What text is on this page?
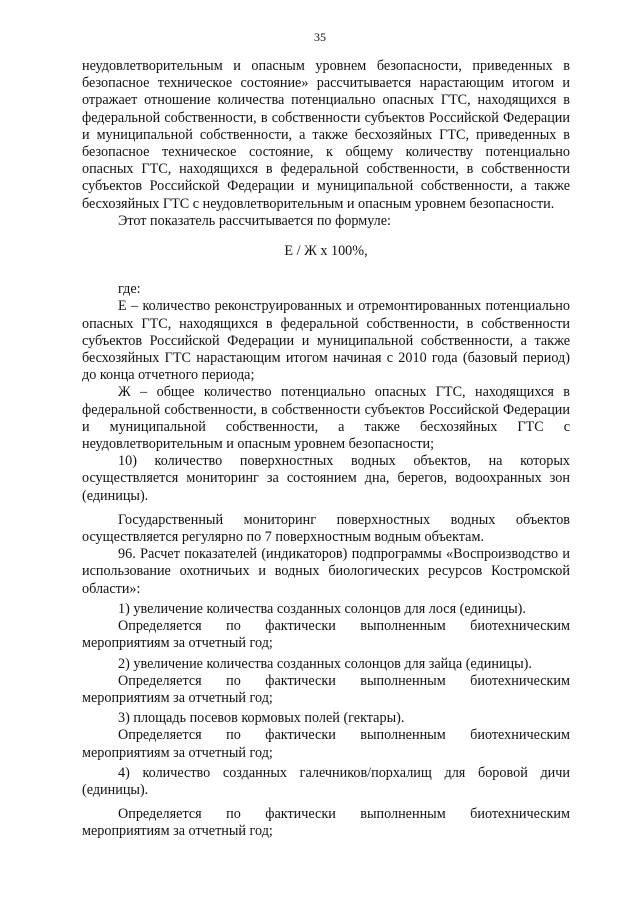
35

неудовлетворительным и опасным уровнем безопасности, приведенных в безопасное техническое состояние» рассчитывается нарастающим итогом и отражает отношение количества потенциально опасных ГТС, находящихся в федеральной собственности, в собственности субъектов Российской Федерации и муниципальной собственности, а также бесхозяйных ГТС, приведенных в безопасное техническое состояние, к общему количеству потенциально опасных ГТС, находящихся в федеральной собственности, в собственности субъектов Российской Федерации и муниципальной собственности, а также бесхозяйных ГТС с неудовлетворительным и опасным уровнем безопасности.

Этот показатель рассчитывается по формуле:

Е / Ж х 100%,

где:

Е – количество реконструированных и отремонтированных потенциально опасных ГТС, находящихся в федеральной собственности, в собственности субъектов Российской Федерации и муниципальной собственности, а также бесхозяйных ГТС нарастающим итогом начиная с 2010 года (базовый период) до конца отчетного периода;

Ж – общее количество потенциально опасных ГТС, находящихся в федеральной собственности, в собственности субъектов Российской Федерации и муниципальной собственности, а также бесхозяйных ГТС с неудовлетворительным и опасным уровнем безопасности;

10) количество поверхностных водных объектов, на которых осуществляется мониторинг за состоянием дна, берегов, водоохранных зон (единицы).

Государственный мониторинг поверхностных водных объектов осуществляется регулярно по 7 поверхностным водным объектам.

96. Расчет показателей (индикаторов) подпрограммы «Воспроизводство и использование охотничьих и водных биологических ресурсов Костромской области»:

1) увеличение количества созданных солонцов для лося (единицы).

Определяется по фактически выполненным биотехническим мероприятиям за отчетный год;

2) увеличение количества созданных солонцов для зайца (единицы).

Определяется по фактически выполненным биотехническим мероприятиям за отчетный год;

3) площадь посевов кормовых полей (гектары).

Определяется по фактически выполненным биотехническим мероприятиям за отчетный год;

4) количество созданных галечников/порхалищ для боровой дичи (единицы).

Определяется по фактически выполненным биотехническим мероприятиям за отчетный год;
